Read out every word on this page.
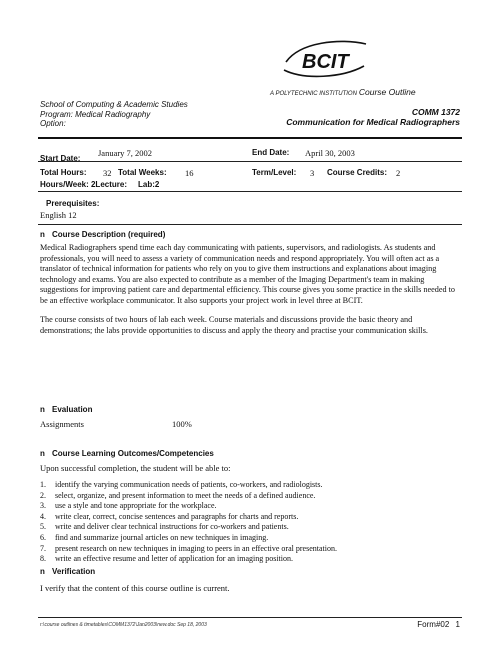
BCIT
A POLYTECHNIC INSTITUTION Course Outline
School of Computing & Academic Studies
Program: Medical Radiography
Option:
COMM 1372
Communication for Medical Radiographers
Start Date:
January 7, 2002	End Date: April 30, 2003
Total Hours: 32 Total Weeks: 16	Term/Level: 3 Course Credits: 2
Hours/Week: 2Lecture: Lab:2
Prerequisites:
English 12
n Course Description (required)
Medical Radiographers spend time each day communicating with patients, supervisors, and radiologists. As students and professionals, you will need to assess a variety of communication needs and respond appropriately. You will often act as a translator of technical information for patients who rely on you to give them instructions and explanations about imaging technology and exams. You are also expected to contribute as a member of the Imaging Department's team in making suggestions for improving patient care and departmental efficiency. This course gives you some practice in the skills needed to be an effective workplace communicator. It also supports your project work in level three at BCIT.
The course consists of two hours of lab each week. Course materials and discussions provide the basic theory and demonstrations; the labs provide opportunities to discuss and apply the theory and practise your communication skills.
n Evaluation
Assignments	100%
n Course Learning Outcomes/Competencies
Upon successful completion, the student will be able to:
1.	identify the varying communication needs of patients, co-workers, and radiologists.
2.	select, organize, and present information to meet the needs of a defined audience.
3.	use a style and tone appropriate for the workplace.
4.	write clear, correct, concise sentences and paragraphs for charts and reports.
5.	write and deliver clear technical instructions for co-workers and patients.
6.	find and summarize journal articles on new techniques in imaging.
7.	present research on new techniques in imaging to peers in an effective oral presentation.
8.	write an effective resume and letter of application for an imaging position.
n Verification
I verify that the content of this course outline is current.
r:\course outlines & timetables\COMM1372\Jan2003\new.doc Sep 18, 2003	Form#02 1
